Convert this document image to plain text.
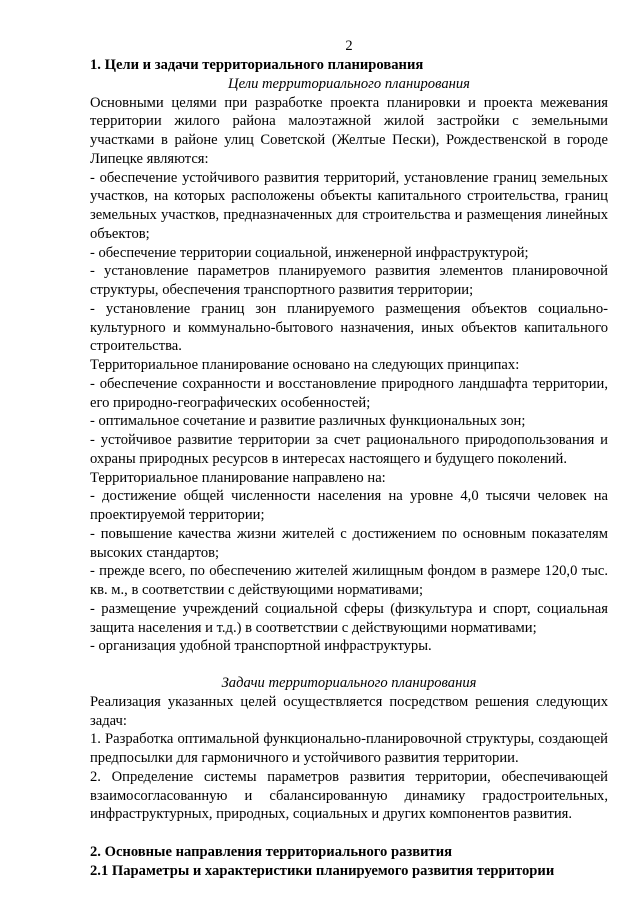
2

1. Цели и задачи территориального планирования

Цели территориального планирования

Основными целями при разработке проекта планировки и проекта межевания территории жилого района малоэтажной жилой застройки с земельными участками в районе улиц Советской (Желтые Пески), Рождественской в городе Липецке являются:

- обеспечение устойчивого развития территорий, установление границ земельных участков, на которых расположены объекты капитального строительства, границ земельных участков, предназначенных для строительства и размещения линейных объектов;

- обеспечение территории социальной, инженерной инфраструктурой;

- установление параметров планируемого развития элементов планировочной структуры, обеспечения транспортного развития территории;

- установление границ зон планируемого размещения объектов социально-культурного и коммунально-бытового назначения, иных объектов капитального строительства.

Территориальное планирование основано на следующих принципах:

- обеспечение сохранности и восстановление природного ландшафта территории, его природно-географических особенностей;

- оптимальное сочетание и развитие различных функциональных зон;

- устойчивое развитие территории за счет рационального природопользования и охраны природных ресурсов в интересах настоящего и будущего поколений.

Территориальное планирование направлено на:

- достижение общей численности населения на уровне 4,0 тысячи человек на проектируемой территории;

- повышение качества жизни жителей с достижением по основным показателям высоких стандартов;

- прежде всего, по обеспечению жителей жилищным фондом в размере 120,0 тыс. кв. м., в соответствии с действующими нормативами;

- размещение учреждений социальной сферы (физкультура и спорт, социальная защита населения и т.д.) в соответствии с действующими нормативами;

- организация удобной транспортной инфраструктуры.

Задачи территориального планирования

Реализация указанных целей осуществляется посредством решения следующих задач:

1. Разработка оптимальной функционально-планировочной структуры, создающей предпосылки для гармоничного и устойчивого развития территории.

2. Определение системы параметров развития территории, обеспечивающей взаимосогласованную и сбалансированную динамику градостроительных, инфраструктурных, природных, социальных и других компонентов развития.

2. Основные направления территориального развития

2.1 Параметры и характеристики планируемого развития территории
